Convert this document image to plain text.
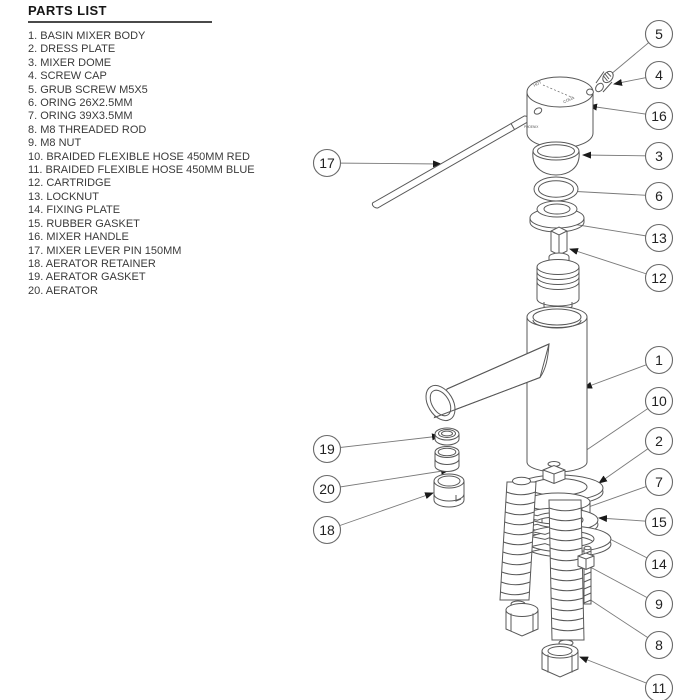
PARTS LIST
1. BASIN MIXER BODY
2. DRESS PLATE
3. MIXER DOME
4. SCREW CAP
5. GRUB SCREW M5X5
6. ORING 26X2.5MM
7. ORING 39X3.5MM
8. M8 THREADED ROD
9. M8 NUT
10. BRAIDED FLEXIBLE HOSE 450MM RED
11. BRAIDED FLEXIBLE HOSE 450MM BLUE
12. CARTRIDGE
13. LOCKNUT
14. FIXING PLATE
15. RUBBER GASKET
16. MIXER HANDLE
17. MIXER LEVER PIN 150MM
18. AERATOR RETAINER
19. AERATOR GASKET
20. AERATOR
HOT
COLD
PHOENIX
5
4
16
3
6
13
12
1
10
2
7
15
14
9
8
11
17
19
20
18
